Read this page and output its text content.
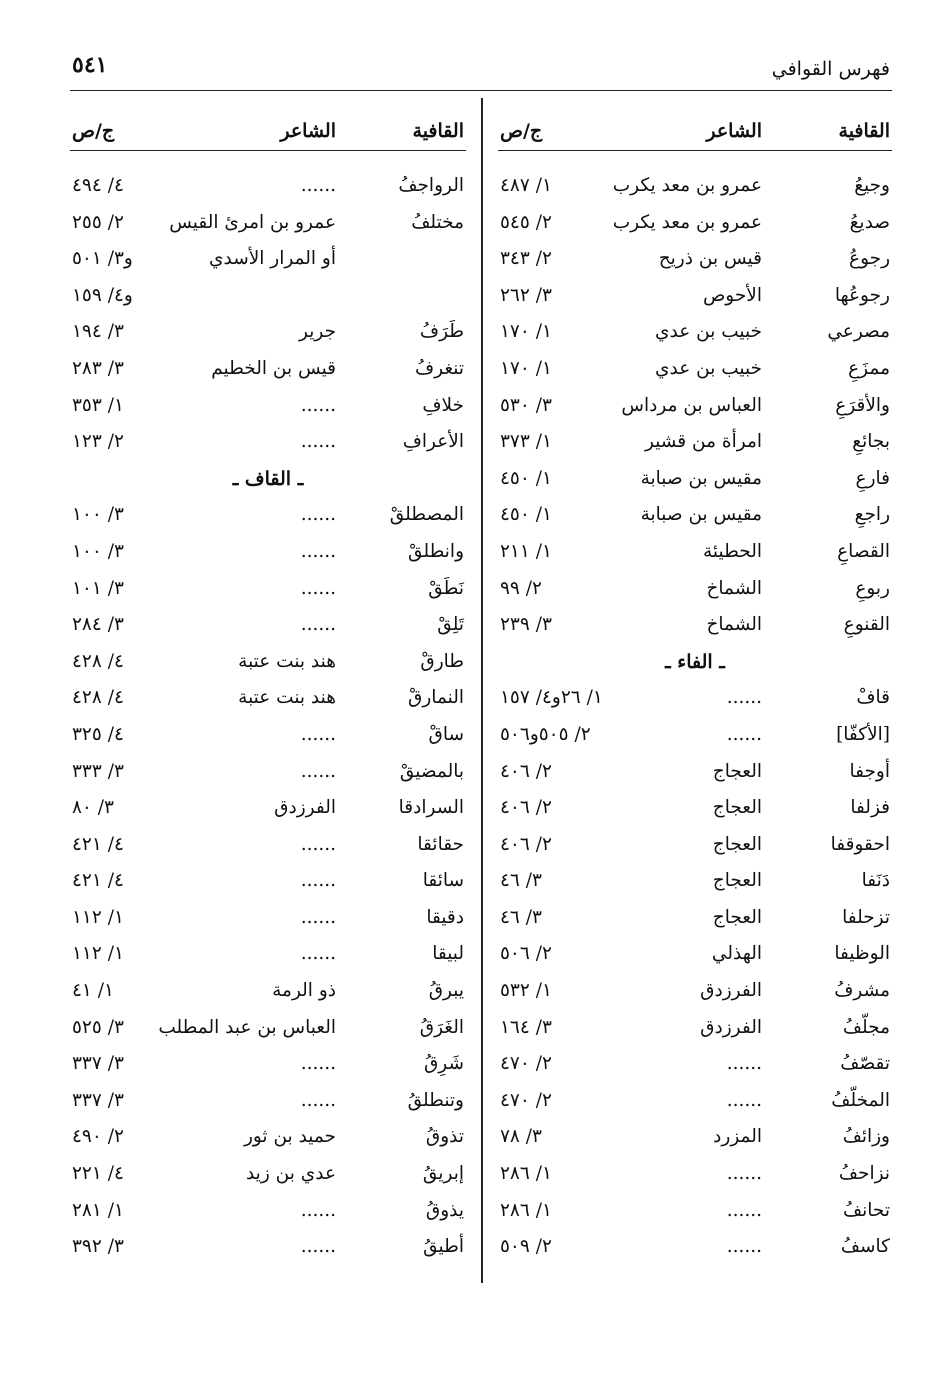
٥٤١	فهرس القوافي
القافية
الشاعر
ج/ص
وجيعُ
عمرو بن معد يكرب
١/ ٤٨٧
صديعُ
عمرو بن معد يكرب
٢/ ٥٤٥
رجوعُ
قيس بن ذريح
٢/ ٣٤٣
رجوعُها
الأحوص
٣/ ٢٦٢
مصرعي
خبيب بن عدي
١/ ١٧٠
ممزَعِ
خبيب بن عدي
١/ ١٧٠
والأقرَعِ
العباس بن مرداس
٣/ ٥٣٠
بجائعِ
امرأة من قشير
١/ ٣٧٣
فارعِ
مقيس بن صبابة
١/ ٤٥٠
راجعِ
مقيس بن صبابة
١/ ٤٥٠
القصاعِ
الحطيئة
١/ ٢١١
ربوعِ
الشماخ
٢/ ٩٩
القنوعِ
الشماخ
٣/ ٢٣٩
ـ الفاء ـ
قافْ
......
١/ ٢٦و٤/ ١٥٧
[الأكفّا]
......
٢/ ٥٠٥و٥٠٦
أوجفا
العجاج
٢/ ٤٠٦
فزلفا
العجاج
٢/ ٤٠٦
احقوقفا
العجاج
٢/ ٤٠٦
دَنَفا
العجاج
٣/ ٤٦
تزحلفا
العجاج
٣/ ٤٦
الوظيفا
الهذلي
٢/ ٥٠٦
مشرفُ
الفرزدق
١/ ٥٣٢
مجلّفُ
الفرزدق
٣/ ١٦٤
تقصّفُ
......
٢/ ٤٧٠
المخلّفُ
......
٢/ ٤٧٠
وزائفُ
المزرد
٣/ ٧٨
نزاحفُ
......
١/ ٢٨٦
تحانفُ
......
١/ ٢٨٦
كاسفُ
......
٢/ ٥٠٩
القافية
الشاعر
ج/ص
الرواجفُ
......
٤/ ٤٩٤
مختلفُ
عمرو بن امرئ القيس
٢/ ٢٥٥
أو المرار الأسدي
و٣/ ٥٠١
و٤/ ١٥٩
طَرَفُ
جرير
٣/ ١٩٤
تنغرفُ
قيس بن الخطيم
٣/ ٢٨٣
خلافِ
......
١/ ٣٥٣
الأعرافِ
......
٢/ ١٢٣
ـ القاف ـ
المصطلقْ
......
٣/ ١٠٠
وانطلقْ
......
٣/ ١٠٠
نَطَقْ
......
٣/ ١٠١
تَلِقْ
......
٣/ ٢٨٤
طارقْ
هند بنت عتبة
٤/ ٤٢٨
النمارقْ
هند بنت عتبة
٤/ ٤٢٨
ساقْ
......
٤/ ٣٢٥
بالمضيقْ
......
٣/ ٣٣٣
السرادقا
الفرزدق
٣/ ٨٠
حقائقا
......
٤/ ٤٢١
سائقا
......
٤/ ٤٢١
دقيقا
......
١/ ١١٢
لبيقا
......
١/ ١١٢
يبرقُ
ذو الرمة
١/ ٤١
الغَرَقُ
العباس بن عبد المطلب
٣/ ٥٢٥
شَرِقُ
......
٣/ ٣٣٧
وتنطلقُ
......
٣/ ٣٣٧
تذوقُ
حميد بن ثور
٢/ ٤٩٠
إبريقُ
عدي بن زيد
٤/ ٢٢١
يذوقُ
......
١/ ٢٨١
أطيقُ
......
٣/ ٣٩٢
